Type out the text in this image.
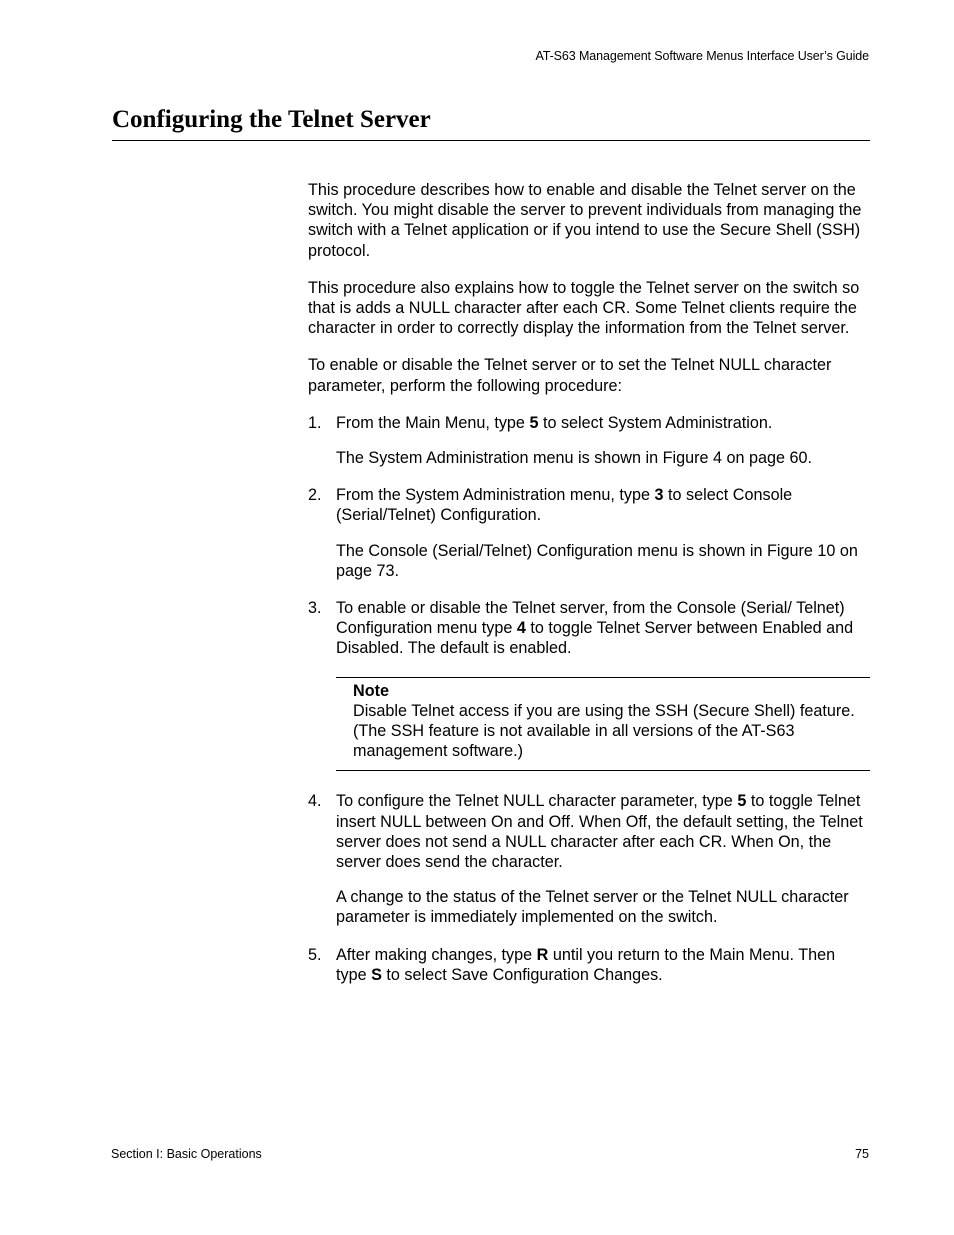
AT-S63 Management Software Menus Interface User’s Guide
Configuring the Telnet Server

This procedure describes how to enable and disable the Telnet server on the switch. You might disable the server to prevent individuals from managing the switch with a Telnet application or if you intend to use the Secure Shell (SSH) protocol.

This procedure also explains how to toggle the Telnet server on the switch so that is adds a NULL character after each CR. Some Telnet clients require the character in order to correctly display the information from the Telnet server.

To enable or disable the Telnet server or to set the Telnet NULL character parameter, perform the following procedure:

1. From the Main Menu, type 5 to select System Administration.

The System Administration menu is shown in Figure 4 on page 60.

2. From the System Administration menu, type 3 to select Console (Serial/Telnet) Configuration.

The Console (Serial/Telnet) Configuration menu is shown in Figure 10 on page 73.

3. To enable or disable the Telnet server, from the Console (Serial/ Telnet) Configuration menu type 4 to toggle Telnet Server between Enabled and Disabled. The default is enabled.

Note
Disable Telnet access if you are using the SSH (Secure Shell) feature. (The SSH feature is not available in all versions of the AT-S63 management software.)
4. To configure the Telnet NULL character parameter, type 5 to toggle Telnet insert NULL between On and Off. When Off, the default setting, the Telnet server does not send a NULL character after each CR. When On, the server does send the character.

A change to the status of the Telnet server or the Telnet NULL character parameter is immediately implemented on the switch.

5. After making changes, type R until you return to the Main Menu. Then type S to select Save Configuration Changes.

Section I: Basic Operations	75
